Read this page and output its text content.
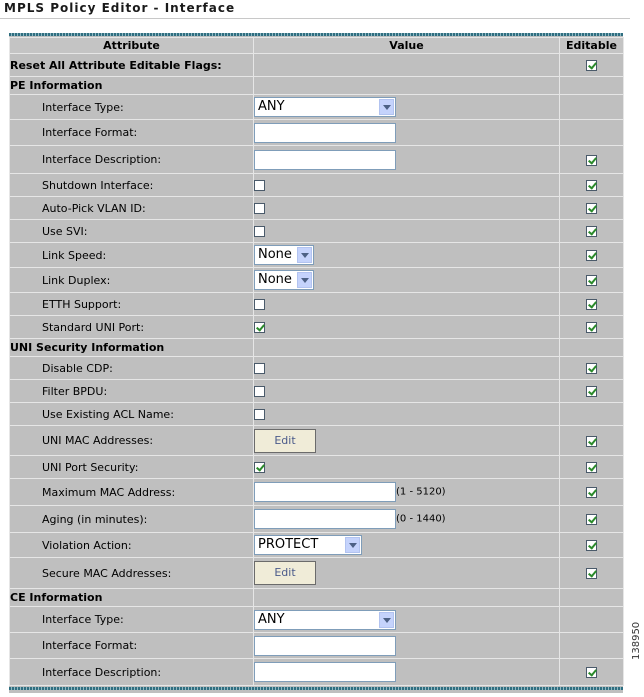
MPLS Policy Editor - Interface
Attribute	Value	Editable
Reset All Attribute Editable Flags:		
PE Information		
Interface Type:	ANY

Interface Format:		
Interface Description:		
Shutdown Interface:		
Auto-Pick VLAN ID:		
Use SVI:		
Link Speed:	None

Link Duplex:	None

ETTH Support:		
Standard UNI Port:		
UNI Security Information		
Disable CDP:		
Filter BPDU:		
Use Existing ACL Name:		
UNI MAC Addresses:	Edit	
UNI Port Security:		
Maximum MAC Address:	(1 - 5120)	
Aging (in minutes):	(0 - 1440)	
Violation Action:	PROTECT

Secure MAC Addresses:	Edit	
CE Information		
Interface Type:	ANY

Interface Format:		
Interface Description:		
138950
